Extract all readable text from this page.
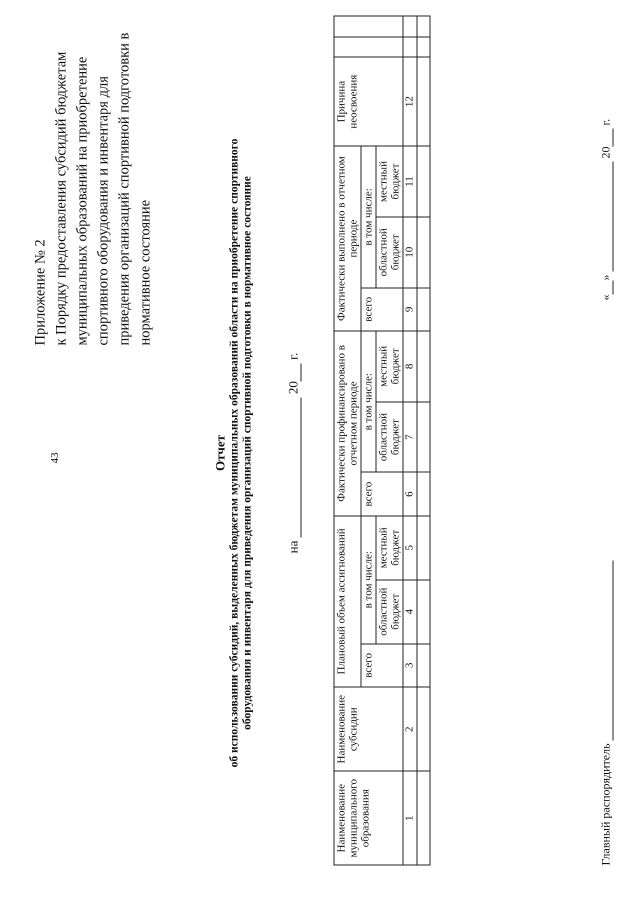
43
Приложение № 2 к Порядку предоставления субсидий бюджетам муниципальных образований на приобретение спортивного оборудования и инвентаря для приведения организаций спортивной подготовки в нормативное состояние
Отчет об использовании субсидий, выделенных бюджетам муниципальных образований области на приобретение спортивного оборудования и инвентаря для приведения организаций спортивной подготовки в нормативное состояние на  20 г.
Наименование муниципального образования	Наименование субсидии	Плановый объем ассигнований			Фактически профинансировано в отчетном периоде			Фактически выполнено в отчетном периоде			Причина неосвоения		
		всего	в том числе:		всего	в том числе:		всего	в том числе:				
			областной бюджет	местный бюджет		областной бюджет	местный бюджет		областной бюджет	местный бюджет			
1	2	3	4	5	6	7	8	9	10	11	12		

Главный распорядитель
«»  20 г.
